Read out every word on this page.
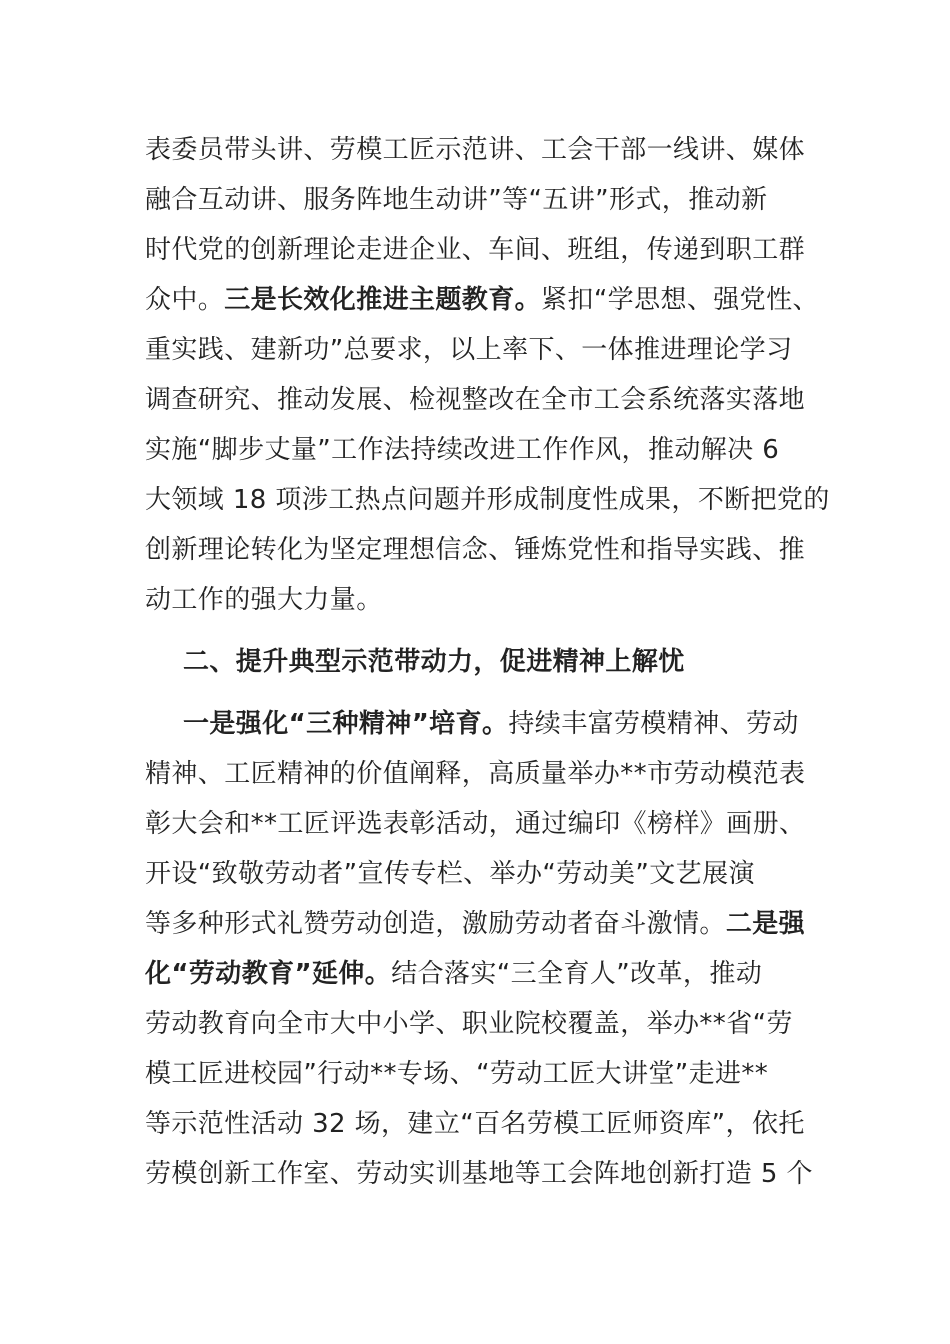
表委员带头讲、劳模工匠示范讲、工会干部一线讲、媒体
融合互动讲、服务阵地生动讲”等“五讲”形式，推动新
时代党的创新理论走进企业、车间、班组，传递到职工群
众中。三是长效化推进主题教育。紧扣“学思想、强党性、
重实践、建新功”总要求，以上率下、一体推进理论学习
调查研究、推动发展、检视整改在全市工会系统落实落地
实施“脚步丈量”工作法持续改进工作作风，推动解决 6
大领域 18 项涉工热点问题并形成制度性成果，不断把党的
创新理论转化为坚定理想信念、锤炼党性和指导实践、推
动工作的强大力量。
二、提升典型示范带动力，促进精神上解忧
一是强化“三种精神”培育。持续丰富劳模精神、劳动
精神、工匠精神的价值阐释，高质量举办**市劳动模范表
彰大会和**工匠评选表彰活动，通过编印《榜样》画册、
开设“致敬劳动者”宣传专栏、举办“劳动美”文艺展演
等多种形式礼赞劳动创造，激励劳动者奋斗激情。二是强
化“劳动教育”延伸。结合落实“三全育人”改革，推动
劳动教育向全市大中小学、职业院校覆盖，举办**省“劳
模工匠进校园”行动**专场、“劳动工匠大讲堂”走进**
等示范性活动 32 场，建立“百名劳模工匠师资库”，依托
劳模创新工作室、劳动实训基地等工会阵地创新打造 5 个
